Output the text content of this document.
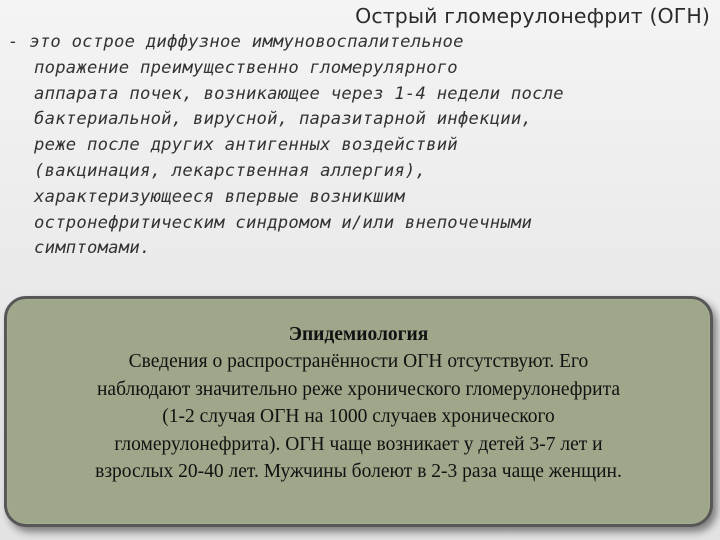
Острый гломерулонефрит (ОГН)
- это острое диффузное иммуновоспалительное
поражение преимущественно гломерулярного
аппарата почек, возникающее через 1-4 недели после
бактериальной, вирусной, паразитарной инфекции,
реже после других антигенных воздействий
(вакцинация, лекарственная аллергия),
характеризующееся впервые возникшим
остронефритическим синдромом и/или внепочечными
симптомами.
Эпидемиология
Сведения о распространённости ОГН отсутствуют. Его
наблюдают значительно реже хронического гломерулонефрита
(1-2 случая ОГН на 1000 случаев хронического
гломерулонефрита). ОГН чаще возникает у детей 3-7 лет и
взрослых 20-40 лет. Мужчины болеют в 2-3 раза чаще женщин.
